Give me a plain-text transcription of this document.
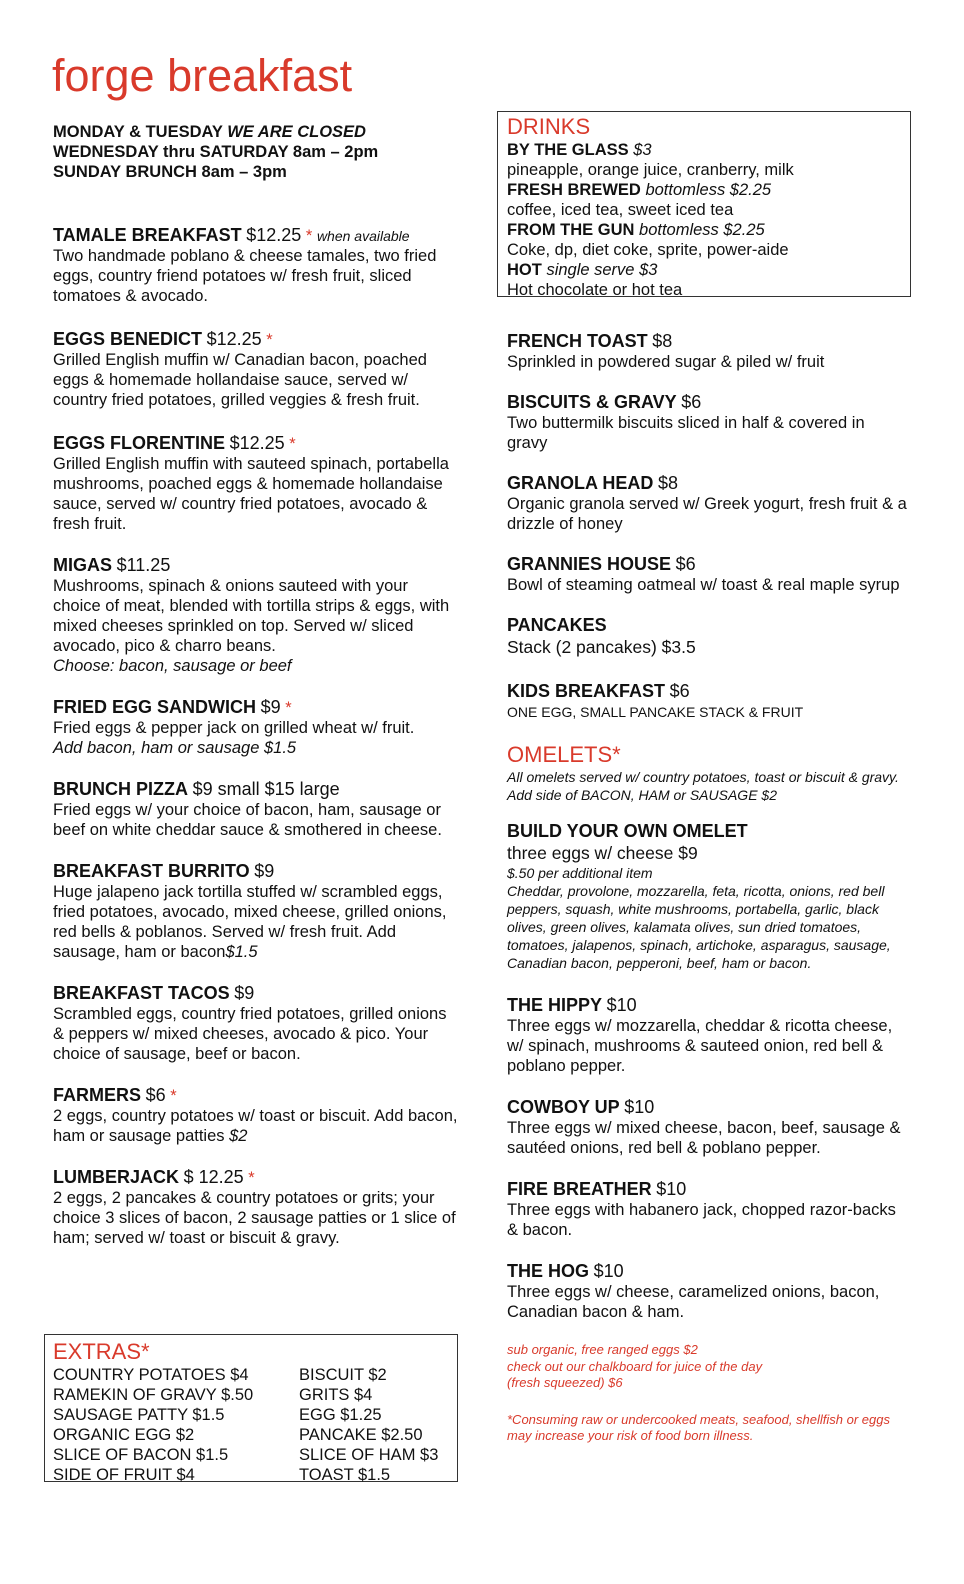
forge breakfast
MONDAY & TUESDAY WE ARE CLOSED
WEDNESDAY thru SATURDAY 8am – 2pm
SUNDAY BRUNCH 8am – 3pm
TAMALE BREAKFAST $12.25 * when available
Two handmade poblano & cheese tamales, two fried eggs, country friend potatoes w/ fresh fruit, sliced tomatoes & avocado.
EGGS BENEDICT $12.25 *
Grilled English muffin w/ Canadian bacon, poached eggs & homemade hollandaise sauce, served w/ country fried potatoes, grilled veggies & fresh fruit.
EGGS FLORENTINE $12.25 *
Grilled English muffin with sauteed spinach, portabella mushrooms, poached eggs & homemade hollandaise sauce, served w/ country fried potatoes, avocado & fresh fruit.
MIGAS $11.25
Mushrooms, spinach & onions sauteed with your choice of meat, blended with tortilla strips & eggs, with mixed cheeses sprinkled on top. Served w/ sliced avocado, pico & charro beans.
Choose: bacon, sausage or beef
FRIED EGG SANDWICH $9 *
Fried eggs & pepper jack on grilled wheat w/ fruit.
Add bacon, ham or sausage $1.5
BRUNCH PIZZA $9 small $15 large
Fried eggs w/ your choice of bacon, ham, sausage or beef on white cheddar sauce & smothered in cheese.
BREAKFAST BURRITO $9
Huge jalapeno jack tortilla stuffed w/ scrambled eggs, fried potatoes, avocado, mixed cheese, grilled onions, red bells & poblanos. Served w/ fresh fruit. Add sausage, ham or bacon$1.5
BREAKFAST TACOS $9
Scrambled eggs, country fried potatoes, grilled onions & peppers w/ mixed cheeses, avocado & pico. Your choice of sausage, beef or bacon.
FARMERS $6 *
2 eggs, country potatoes w/ toast or biscuit. Add bacon, ham or sausage patties $2
LUMBERJACK $ 12.25 *
2 eggs, 2 pancakes & country potatoes or grits; your choice 3 slices of bacon, 2 sausage patties or 1 slice of ham; served w/ toast or biscuit & gravy.
DRINKS
BY THE GLASS $3
pineapple, orange juice, cranberry, milk
FRESH BREWED bottomless $2.25
coffee, iced tea, sweet iced tea
FROM THE GUN bottomless $2.25
Coke, dp, diet coke, sprite, power-aide
HOT single serve $3
Hot chocolate or hot tea
FRENCH TOAST $8
Sprinkled in powdered sugar & piled w/ fruit
BISCUITS & GRAVY $6
Two buttermilk biscuits sliced in half & covered in gravy
GRANOLA HEAD $8
Organic granola served w/ Greek yogurt, fresh fruit & a drizzle of honey
GRANNIES HOUSE $6
Bowl of steaming oatmeal w/ toast & real maple syrup
PANCAKES
Stack (2 pancakes) $3.5
KIDS BREAKFAST $6
ONE EGG, SMALL PANCAKE STACK & FRUIT
OMELETS*
All omelets served w/ country potatoes, toast or biscuit & gravy. Add side of BACON, HAM or SAUSAGE $2
BUILD YOUR OWN OMELET
three eggs w/ cheese $9
$.50 per additional item
Cheddar, provolone, mozzarella, feta, ricotta, onions, red bell peppers, squash, white mushrooms, portabella, garlic, black olives, green olives, kalamata olives, sun dried tomatoes, tomatoes, jalapenos, spinach, artichoke, asparagus, sausage, Canadian bacon, pepperoni, beef, ham or bacon.
THE HIPPY $10
Three eggs w/ mozzarella, cheddar & ricotta cheese, w/ spinach, mushrooms & sauteed onion, red bell & poblano pepper.
COWBOY UP $10
Three eggs w/ mixed cheese, bacon, beef, sausage & sautéed onions, red bell & poblano pepper.
FIRE BREATHER $10
Three eggs with habanero jack, chopped razor-backs & bacon.
THE HOG $10
Three eggs w/ cheese, caramelized onions, bacon, Canadian bacon & ham.
sub organic, free ranged eggs $2
check out our chalkboard for juice of the day
(fresh squeezed) $6
*Consuming raw or undercooked meats, seafood, shellfish or eggs may increase your risk of food born illness.
EXTRAS*
COUNTRY POTATOES $4	BISCUIT $2
RAMEKIN OF GRAVY $.50	GRITS $4
SAUSAGE PATTY $1.5	EGG $1.25
ORGANIC EGG $2	PANCAKE $2.50
SLICE OF BACON $1.5	SLICE OF HAM $3
SIDE OF FRUIT $4	TOAST $1.5
